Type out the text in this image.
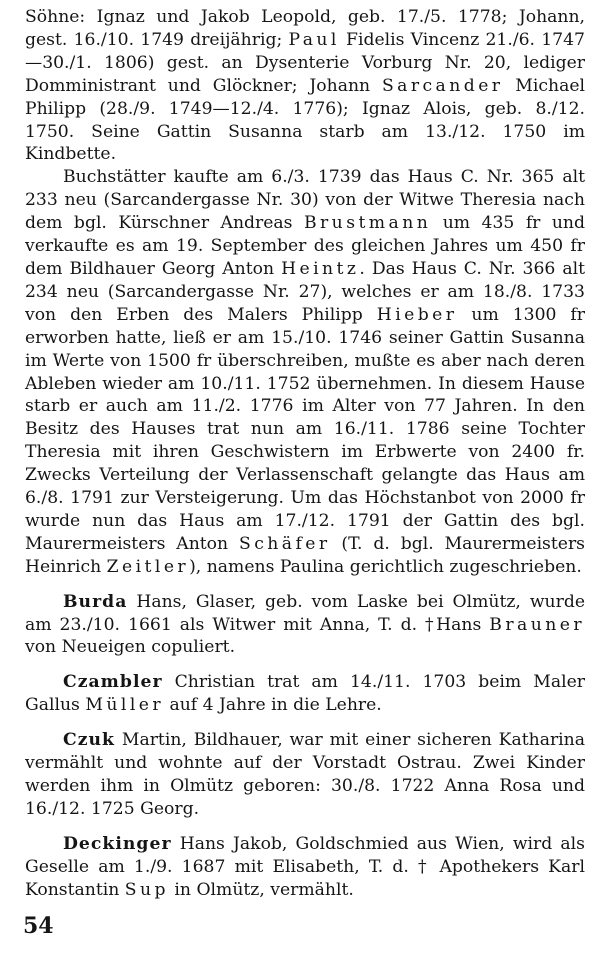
Söhne: Ignaz und Jakob Leopold, geb. 17./5. 1778; Johann, gest. 16./10. 1749 dreijährig; Paul Fidelis Vincenz 21./6. 1747 —30./1. 1806) gest. an Dysenterie Vorburg Nr. 20, lediger Domministrant und Glöckner; Johann Sarcander Michael Philipp (28./9. 1749—12./4. 1776); Ignaz Alois, geb. 8./12. 1750. Seine Gattin Susanna starb am 13./12. 1750 im Kindbette.

Buchstätter kaufte am 6./3. 1739 das Haus C. Nr. 365 alt 233 neu (Sarcandergasse Nr. 30) von der Witwe Theresia nach dem bgl. Kürschner Andreas Brustmann um 435 fr und verkaufte es am 19. September des gleichen Jahres um 450 fr dem Bildhauer Georg Anton Heintz. Das Haus C. Nr. 366 alt 234 neu (Sarcandergasse Nr. 27), welches er am 18./8. 1733 von den Erben des Malers Philipp Hieber um 1300 fr erworben hatte, ließ er am 15./10. 1746 seiner Gattin Susanna im Werte von 1500 fr überschreiben, mußte es aber nach deren Ableben wieder am 10./11. 1752 übernehmen. In diesem Hause starb er auch am 11./2. 1776 im Alter von 77 Jahren. In den Besitz des Hauses trat nun am 16./11. 1786 seine Tochter Theresia mit ihren Geschwistern im Erbwerte von 2400 fr. Zwecks Verteilung der Verlassenschaft gelangte das Haus am 6./8. 1791 zur Versteigerung. Um das Höchstanbot von 2000 fr wurde nun das Haus am 17./12. 1791 der Gattin des bgl. Maurermeisters Anton Schäfer (T. d. bgl. Maurermeisters Heinrich Zeitler), namens Paulina gerichtlich zugeschrieben.

Burda Hans, Glaser, geb. vom Laske bei Olmütz, wurde am 23./10. 1661 als Witwer mit Anna, T. d. †Hans Brauner von Neueigen copuliert.

Czambler Christian trat am 14./11. 1703 beim Maler Gallus Müller auf 4 Jahre in die Lehre.

Czuk Martin, Bildhauer, war mit einer sicheren Katharina vermählt und wohnte auf der Vorstadt Ostrau. Zwei Kinder werden ihm in Olmütz geboren: 30./8. 1722 Anna Rosa und 16./12. 1725 Georg.

Deckinger Hans Jakob, Goldschmied aus Wien, wird als Geselle am 1./9. 1687 mit Elisabeth, T. d. † Apothekers Karl Konstantin Sup in Olmütz, vermählt.

54
